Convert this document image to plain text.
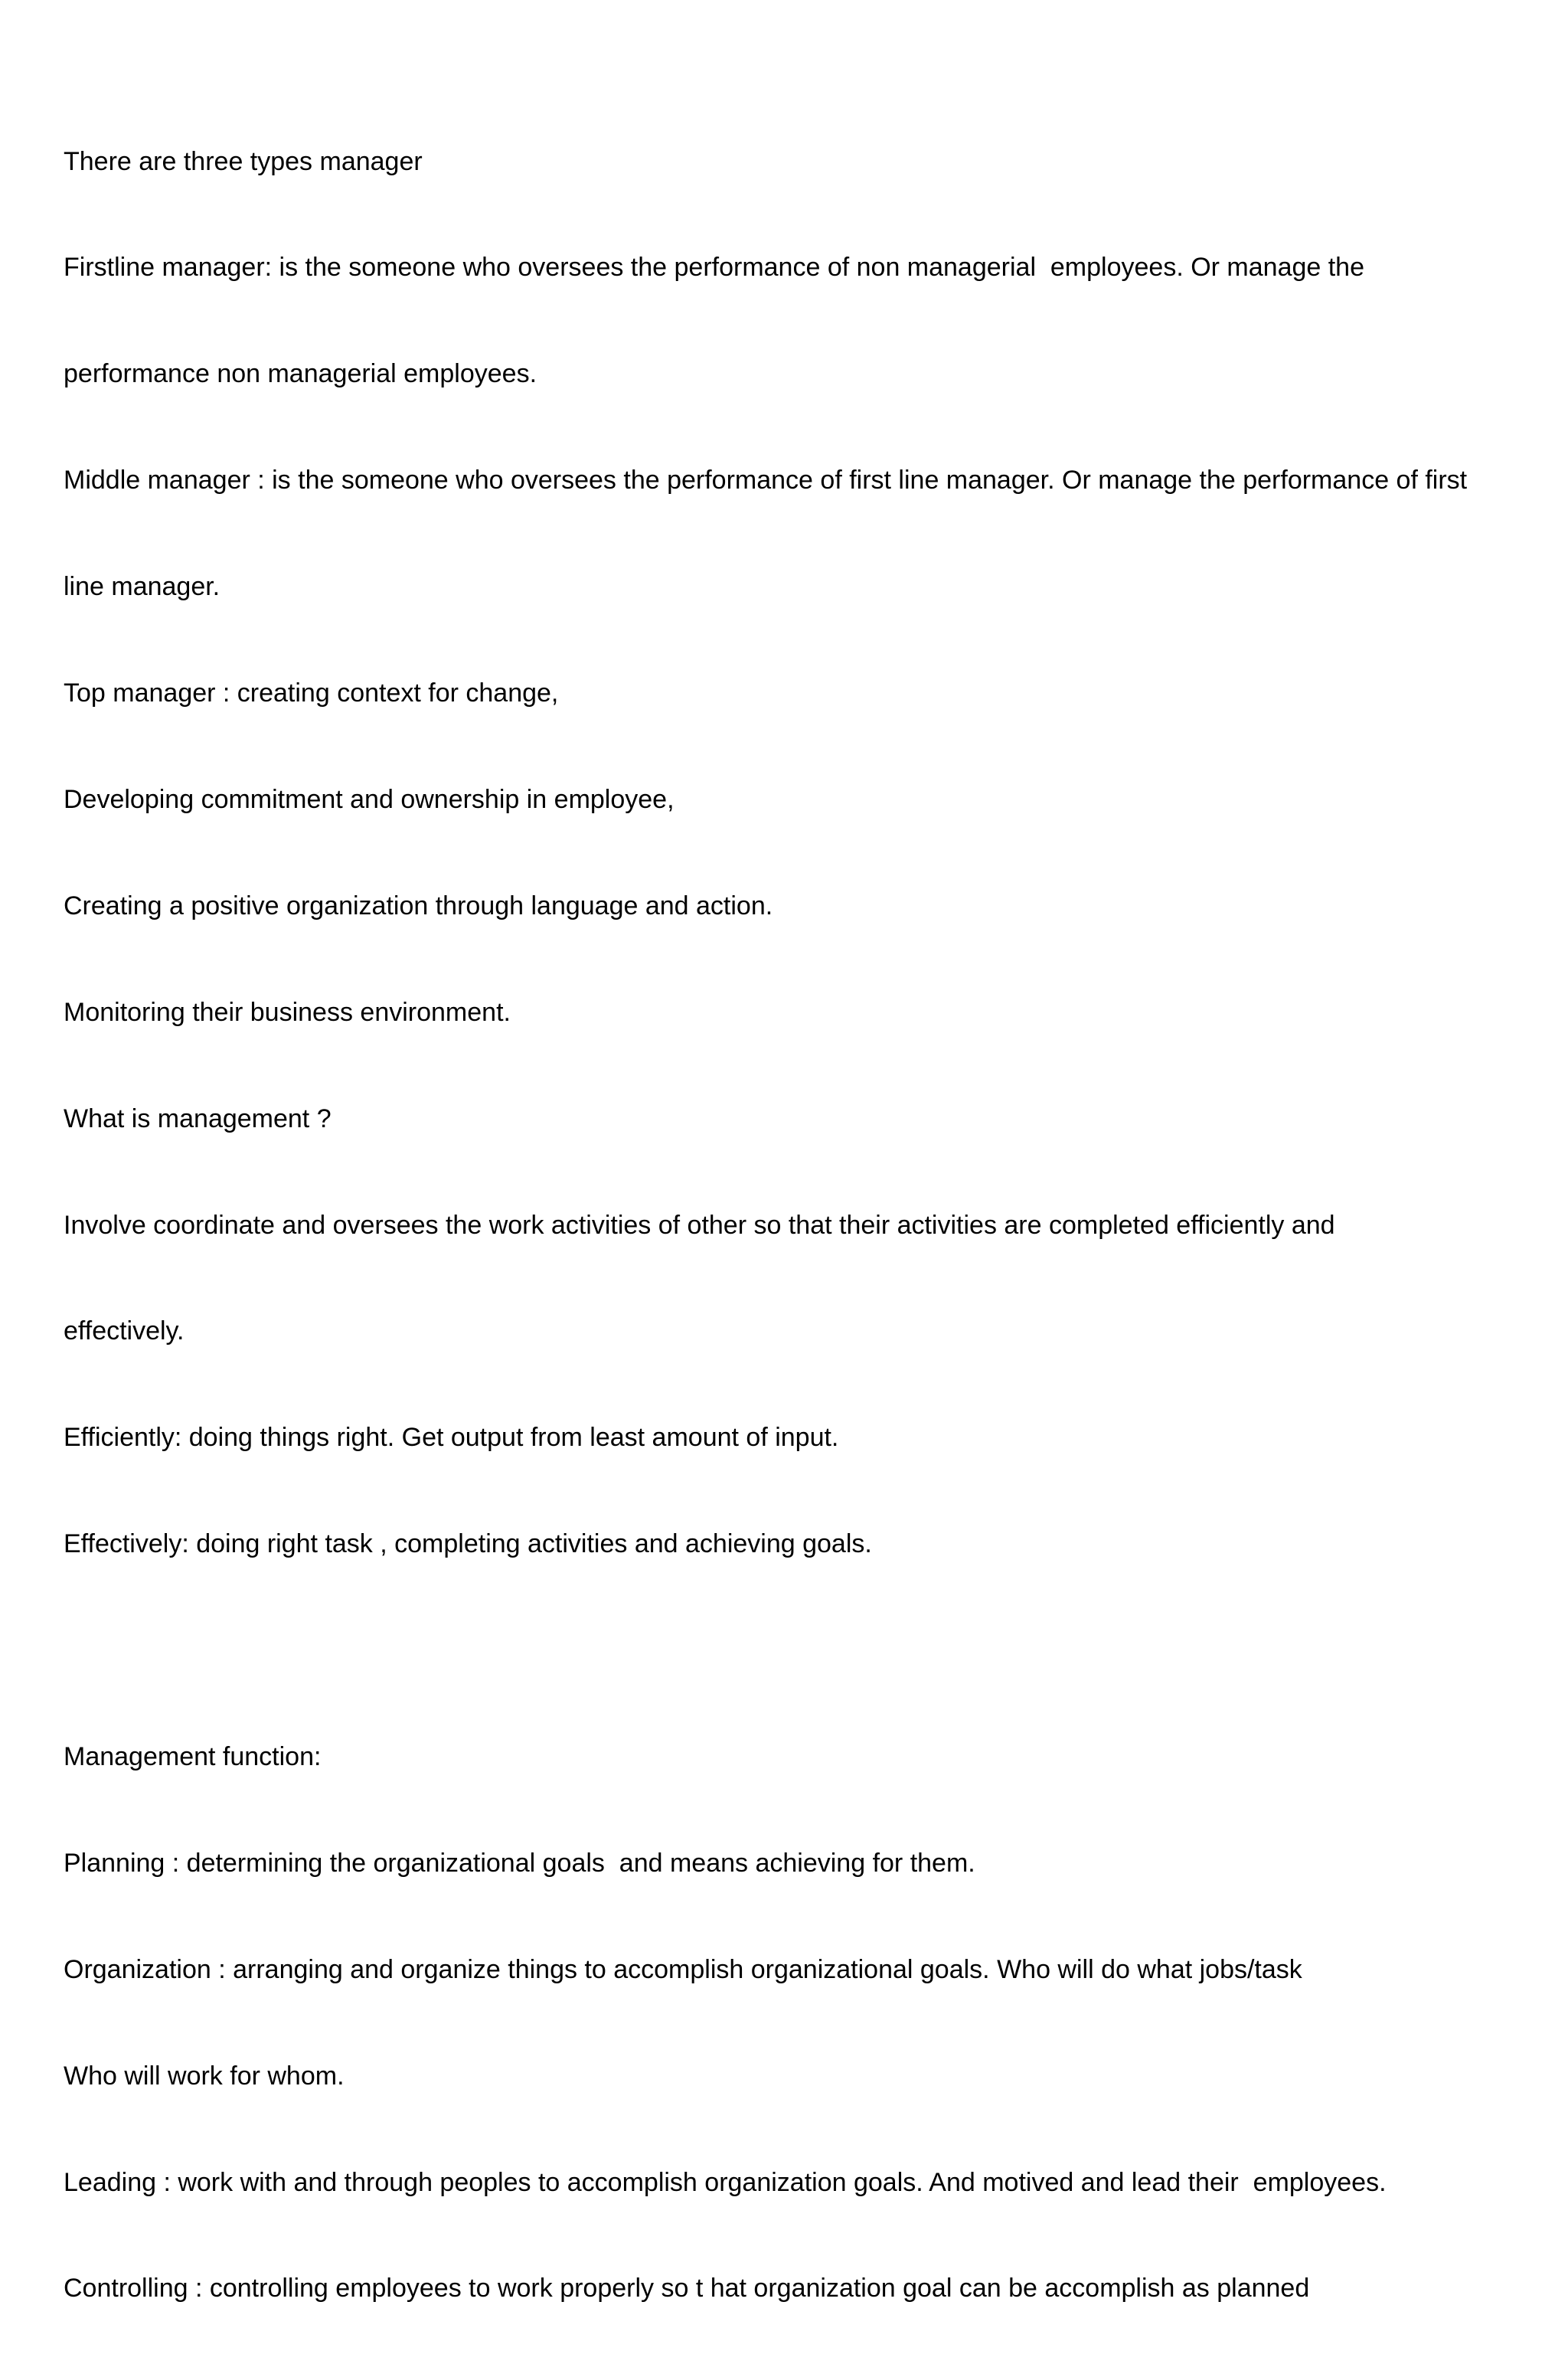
There are three types manager

Firstline manager: is the someone who oversees the performance of non managerial  employees. Or manage the

performance non managerial employees.

Middle manager : is the someone who oversees the performance of first line manager. Or manage the performance of first

line manager.

Top manager : creating context for change,

Developing commitment and ownership in employee,

Creating a positive organization through language and action.

Monitoring their business environment.

What is management ?

Involve coordinate and oversees the work activities of other so that their activities are completed efficiently and

effectively.

Efficiently: doing things right. Get output from least amount of input.

Effectively: doing right task , completing activities and achieving goals.

Management function:

Planning : determining the organizational goals  and means achieving for them.

Organization : arranging and organize things to accomplish organizational goals. Who will do what jobs/task

Who will work for whom.

Leading : work with and through peoples to accomplish organization goals. And motived and lead their  employees.

Controlling : controlling employees to work properly so t hat organization goal can be accomplish as planned
